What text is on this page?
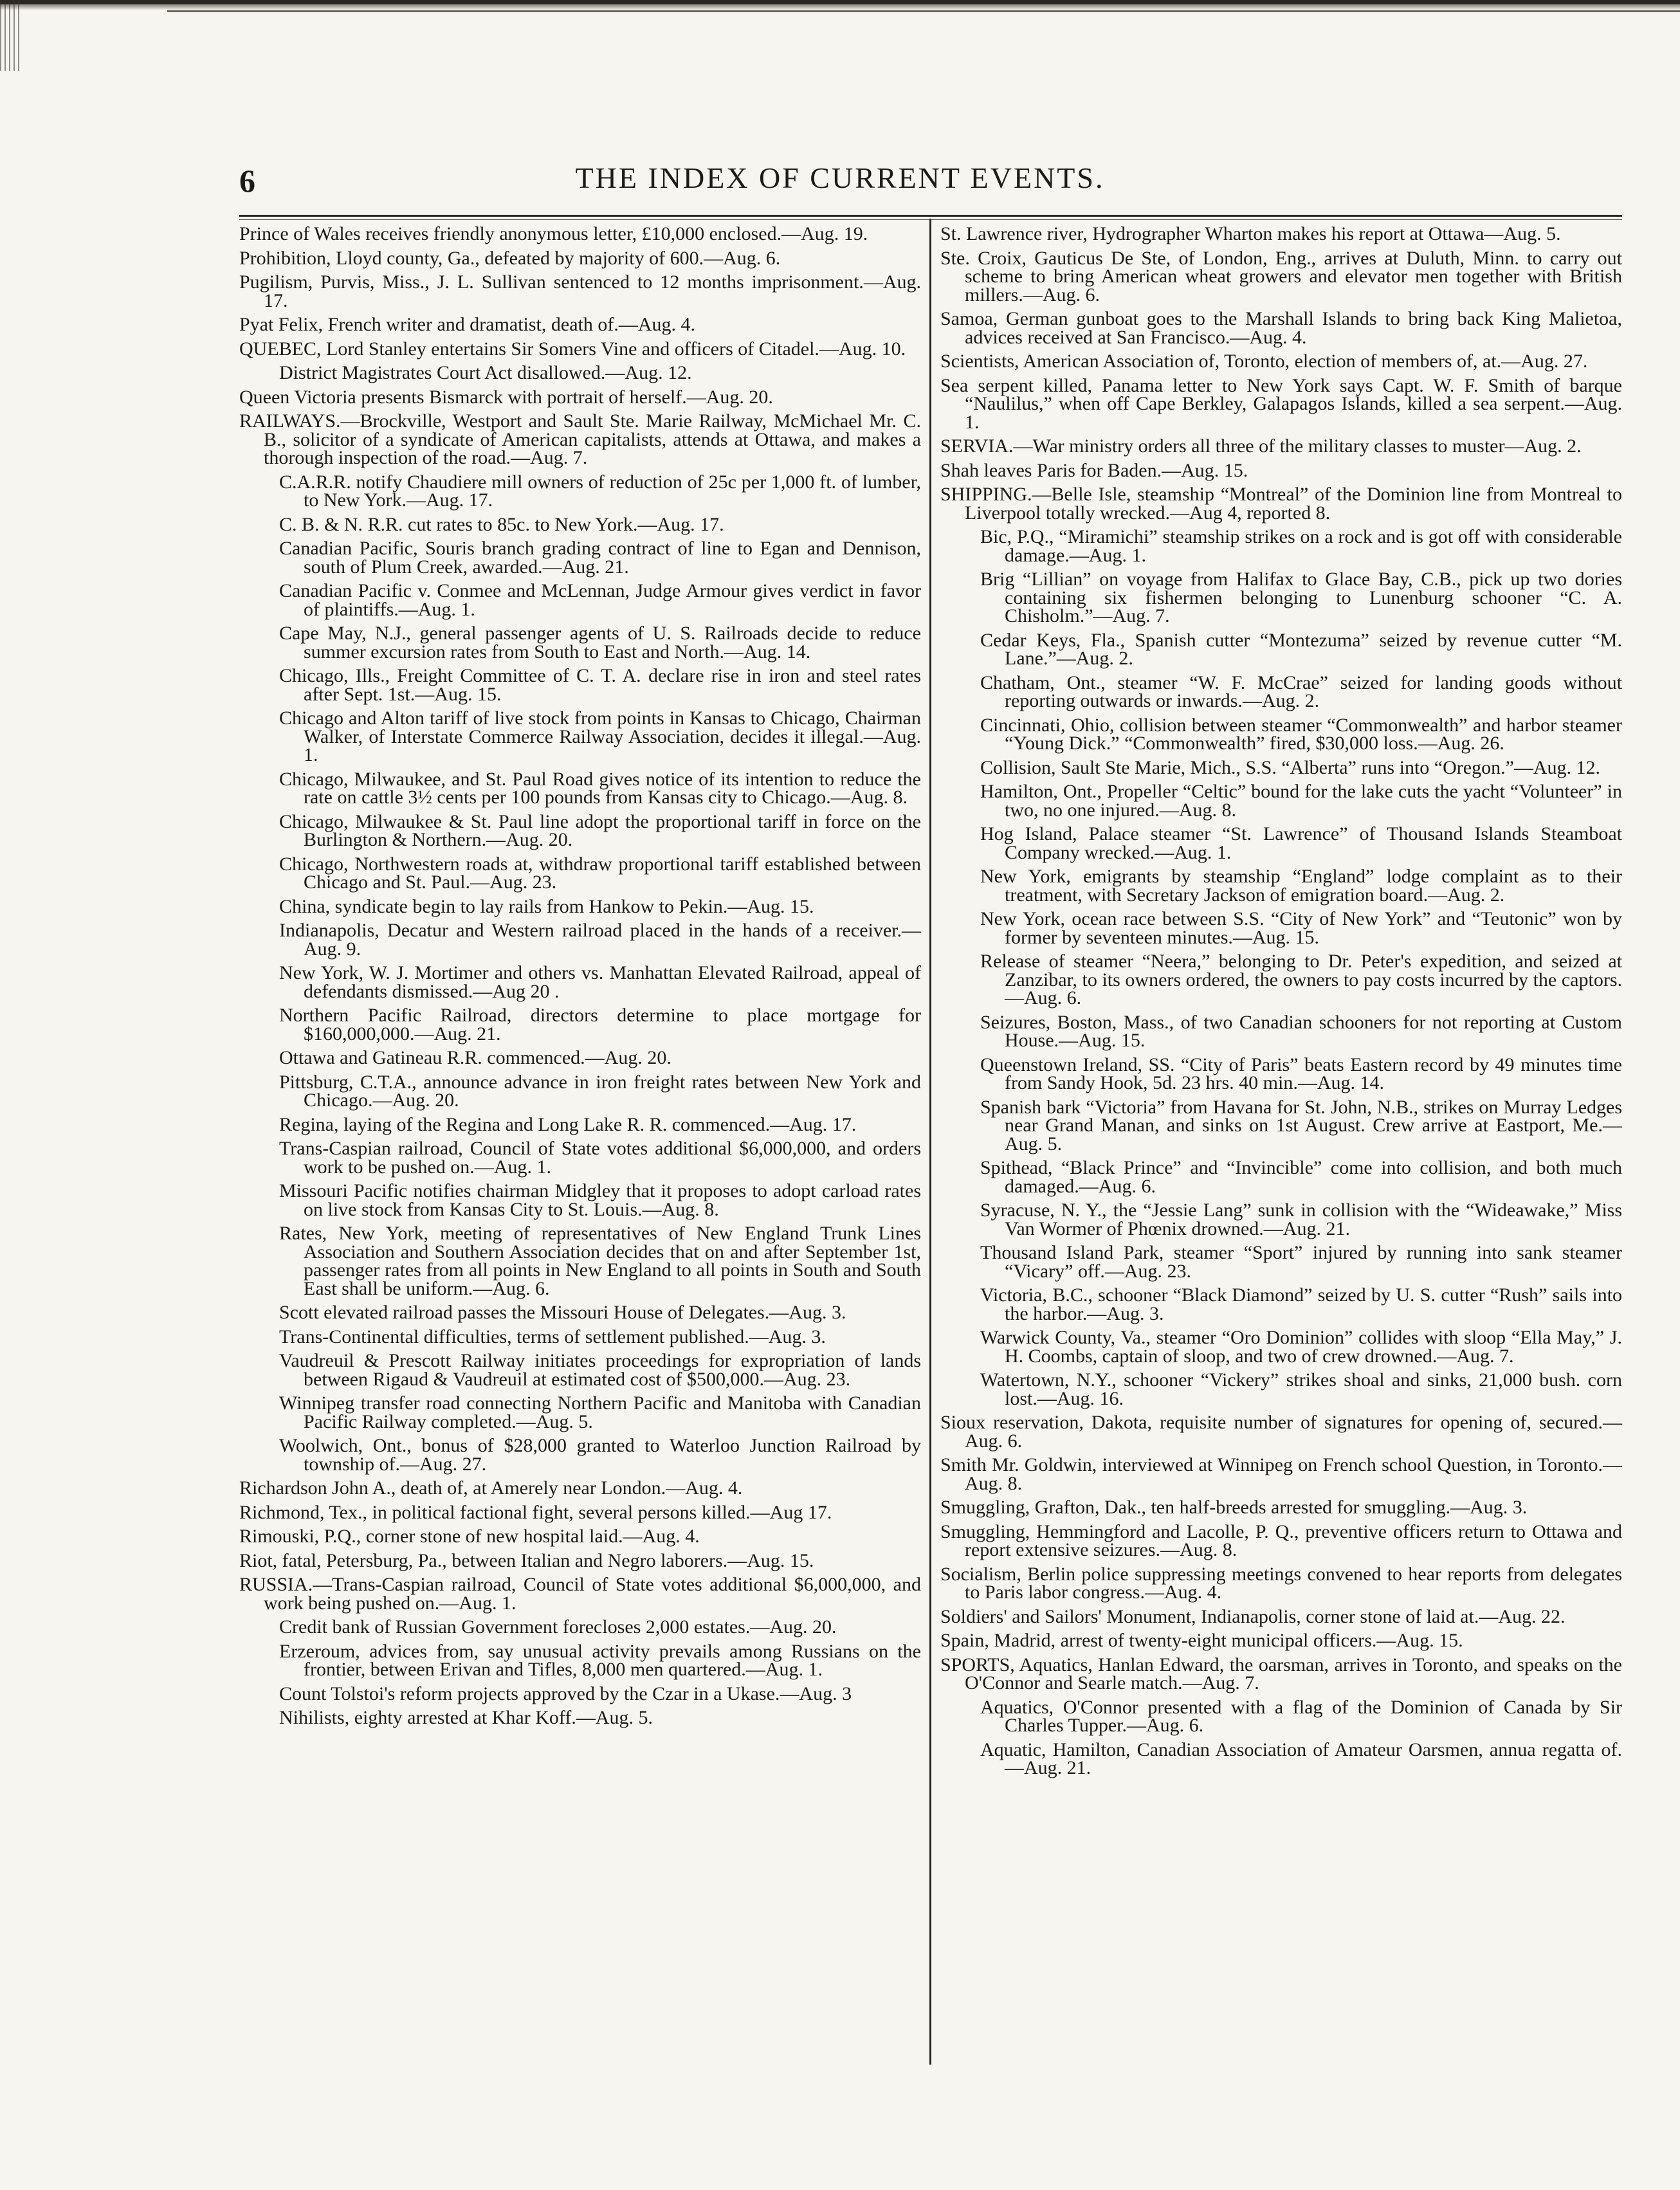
6	THE INDEX OF CURRENT EVENTS.

Prince of Wales receives friendly anonymous letter, £10,000 enclosed.—Aug. 19.

Prohibition, Lloyd county, Ga., defeated by majority of 600.—Aug. 6.

Pugilism, Purvis, Miss., J. L. Sullivan sentenced to 12 months imprisonment.—Aug. 17.

Pyat Felix, French writer and dramatist, death of.—Aug. 4.

QUEBEC, Lord Stanley entertains Sir Somers Vine and officers of Citadel.—Aug. 10.

District Magistrates Court Act disallowed.—Aug. 12.

Queen Victoria presents Bismarck with portrait of herself.—Aug. 20.

RAILWAYS.—Brockville, Westport and Sault Ste. Marie Railway, McMichael Mr. C. B., solicitor of a syndicate of American capitalists, attends at Ottawa, and makes a thorough inspection of the road.—Aug. 7.

C.A.R.R. notify Chaudiere mill owners of reduction of 25c per 1,000 ft. of lumber, to New York.—Aug. 17.

C. B. & N. R.R. cut rates to 85c. to New York.—Aug. 17.

Canadian Pacific, Souris branch grading contract of line to Egan and Dennison, south of Plum Creek, awarded.—Aug. 21.

Canadian Pacific v. Conmee and McLennan, Judge Armour gives verdict in favor of plaintiffs.—Aug. 1.

Cape May, N.J., general passenger agents of U. S. Railroads decide to reduce summer excursion rates from South to East and North.—Aug. 14.

Chicago, Ills., Freight Committee of C. T. A. declare rise in iron and steel rates after Sept. 1st.—Aug. 15.

Chicago and Alton tariff of live stock from points in Kansas to Chicago, Chairman Walker, of Interstate Commerce Railway Association, decides it illegal.—Aug. 1.

Chicago, Milwaukee, and St. Paul Road gives notice of its intention to reduce the rate on cattle 3½ cents per 100 pounds from Kansas city to Chicago.—Aug. 8.

Chicago, Milwaukee & St. Paul line adopt the proportional tariff in force on the Burlington & Northern.—Aug. 20.

Chicago, Northwestern roads at, withdraw proportional tariff established between Chicago and St. Paul.—Aug. 23.

China, syndicate begin to lay rails from Hankow to Pekin.—Aug. 15.

Indianapolis, Decatur and Western railroad placed in the hands of a receiver.—Aug. 9.

New York, W. J. Mortimer and others vs. Manhattan Elevated Railroad, appeal of defendants dismissed.—Aug 20 .

Northern Pacific Railroad, directors determine to place mortgage for $160,000,000.—Aug. 21.

Ottawa and Gatineau R.R. commenced.—Aug. 20.

Pittsburg, C.T.A., announce advance in iron freight rates between New York and Chicago.—Aug. 20.

Regina, laying of the Regina and Long Lake R. R. commenced.—Aug. 17.

Trans-Caspian railroad, Council of State votes additional $6,000,000, and orders work to be pushed on.—Aug. 1.

Missouri Pacific notifies chairman Midgley that it proposes to adopt carload rates on live stock from Kansas City to St. Louis.—Aug. 8.

Rates, New York, meeting of representatives of New England Trunk Lines Association and Southern Association decides that on and after September 1st, passenger rates from all points in New England to all points in South and South East shall be uniform.—Aug. 6.

Scott elevated railroad passes the Missouri House of Delegates.—Aug. 3.

Trans-Continental difficulties, terms of settlement published.—Aug. 3.

Vaudreuil & Prescott Railway initiates proceedings for expropriation of lands between Rigaud & Vaudreuil at estimated cost of $500,000.—Aug. 23.

Winnipeg transfer road connecting Northern Pacific and Manitoba with Canadian Pacific Railway completed.—Aug. 5.

Woolwich, Ont., bonus of $28,000 granted to Waterloo Junction Railroad by township of.—Aug. 27.

Richardson John A., death of, at Amerely near London.—Aug. 4.

Richmond, Tex., in political factional fight, several persons killed.—Aug 17.

Rimouski, P.Q., corner stone of new hospital laid.—Aug. 4.

Riot, fatal, Petersburg, Pa., between Italian and Negro laborers.—Aug. 15.

RUSSIA.—Trans-Caspian railroad, Council of State votes additional $6,000,000, and work being pushed on.—Aug. 1.

Credit bank of Russian Government forecloses 2,000 estates.—Aug. 20.

Erzeroum, advices from, say unusual activity prevails among Russians on the frontier, between Erivan and Tifles, 8,000 men quartered.—Aug. 1.

Count Tolstoi's reform projects approved by the Czar in a Ukase.—Aug. 3

Nihilists, eighty arrested at Khar Koff.—Aug. 5.

St. Lawrence river, Hydrographer Wharton makes his report at Ottawa—Aug. 5.

Ste. Croix, Gauticus De Ste, of London, Eng., arrives at Duluth, Minn. to carry out scheme to bring American wheat growers and elevator men together with British millers.—Aug. 6.

Samoa, German gunboat goes to the Marshall Islands to bring back King Malietoa, advices received at San Francisco.—Aug. 4.

Scientists, American Association of, Toronto, election of members of, at.—Aug. 27.

Sea serpent killed, Panama letter to New York says Capt. W. F. Smith of barque “Naulilus,” when off Cape Berkley, Galapagos Islands, killed a sea serpent.—Aug. 1.

SERVIA.—War ministry orders all three of the military classes to muster—Aug. 2.

Shah leaves Paris for Baden.—Aug. 15.

SHIPPING.—Belle Isle, steamship “Montreal” of the Dominion line from Montreal to Liverpool totally wrecked.—Aug 4, reported 8.

Bic, P.Q., “Miramichi” steamship strikes on a rock and is got off with considerable damage.—Aug. 1.

Brig “Lillian” on voyage from Halifax to Glace Bay, C.B., pick up two dories containing six fishermen belonging to Lunenburg schooner “C. A. Chisholm.”—Aug. 7.

Cedar Keys, Fla., Spanish cutter “Montezuma” seized by revenue cutter “M. Lane.”—Aug. 2.

Chatham, Ont., steamer “W. F. McCrae” seized for landing goods without reporting outwards or inwards.—Aug. 2.

Cincinnati, Ohio, collision between steamer “Commonwealth” and harbor steamer “Young Dick.” “Commonwealth” fired, $30,000 loss.—Aug. 26.

Collision, Sault Ste Marie, Mich., S.S. “Alberta” runs into “Oregon.”—Aug. 12.

Hamilton, Ont., Propeller “Celtic” bound for the lake cuts the yacht “Volunteer” in two, no one injured.—Aug. 8.

Hog Island, Palace steamer “St. Lawrence” of Thousand Islands Steamboat Company wrecked.—Aug. 1.

New York, emigrants by steamship “England” lodge complaint as to their treatment, with Secretary Jackson of emigration board.—Aug. 2.

New York, ocean race between S.S. “City of New York” and “Teutonic” won by former by seventeen minutes.—Aug. 15.

Release of steamer “Neera,” belonging to Dr. Peter's expedition, and seized at Zanzibar, to its owners ordered, the owners to pay costs incurred by the captors.—Aug. 6.

Seizures, Boston, Mass., of two Canadian schooners for not reporting at Custom House.—Aug. 15.

Queenstown Ireland, SS. “City of Paris” beats Eastern record by 49 minutes time from Sandy Hook, 5d. 23 hrs. 40 min.—Aug. 14.

Spanish bark “Victoria” from Havana for St. John, N.B., strikes on Murray Ledges near Grand Manan, and sinks on 1st August. Crew arrive at Eastport, Me.—Aug. 5.

Spithead, “Black Prince” and “Invincible” come into collision, and both much damaged.—Aug. 6.

Syracuse, N. Y., the “Jessie Lang” sunk in collision with the “Wideawake,” Miss Van Wormer of Phœnix drowned.—Aug. 21.

Thousand Island Park, steamer “Sport” injured by running into sank steamer “Vicary” off.—Aug. 23.

Victoria, B.C., schooner “Black Diamond” seized by U. S. cutter “Rush” sails into the harbor.—Aug. 3.

Warwick County, Va., steamer “Oro Dominion” collides with sloop “Ella May,” J. H. Coombs, captain of sloop, and two of crew drowned.—Aug. 7.

Watertown, N.Y., schooner “Vickery” strikes shoal and sinks, 21,000 bush. corn lost.—Aug. 16.

Sioux reservation, Dakota, requisite number of signatures for opening of, secured.—Aug. 6.

Smith Mr. Goldwin, interviewed at Winnipeg on French school Question, in Toronto.—Aug. 8.

Smuggling, Grafton, Dak., ten half-breeds arrested for smuggling.—Aug. 3.

Smuggling, Hemmingford and Lacolle, P. Q., preventive officers return to Ottawa and report extensive seizures.—Aug. 8.

Socialism, Berlin police suppressing meetings convened to hear reports from delegates to Paris labor congress.—Aug. 4.

Soldiers' and Sailors' Monument, Indianapolis, corner stone of laid at.—Aug. 22.

Spain, Madrid, arrest of twenty-eight municipal officers.—Aug. 15.

SPORTS, Aquatics, Hanlan Edward, the oarsman, arrives in Toronto, and speaks on the O'Connor and Searle match.—Aug. 7.

Aquatics, O'Connor presented with a flag of the Dominion of Canada by Sir Charles Tupper.—Aug. 6.

Aquatic, Hamilton, Canadian Association of Amateur Oarsmen, annua regatta of.—Aug. 21.
